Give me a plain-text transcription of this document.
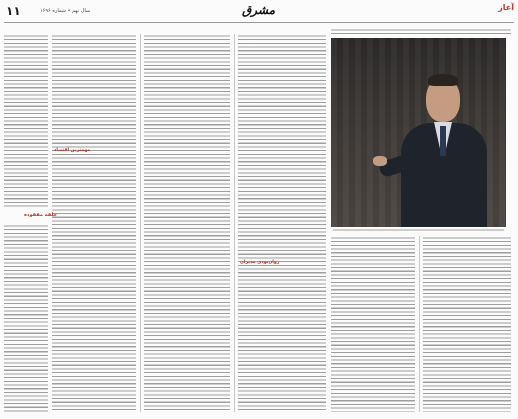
۱۱	سال نهم • شماره ۱۶۹۶	مشرق	آغاز
حلقه مفقوده
مهمترین اقتصاد
روان‌بودی مدیران
